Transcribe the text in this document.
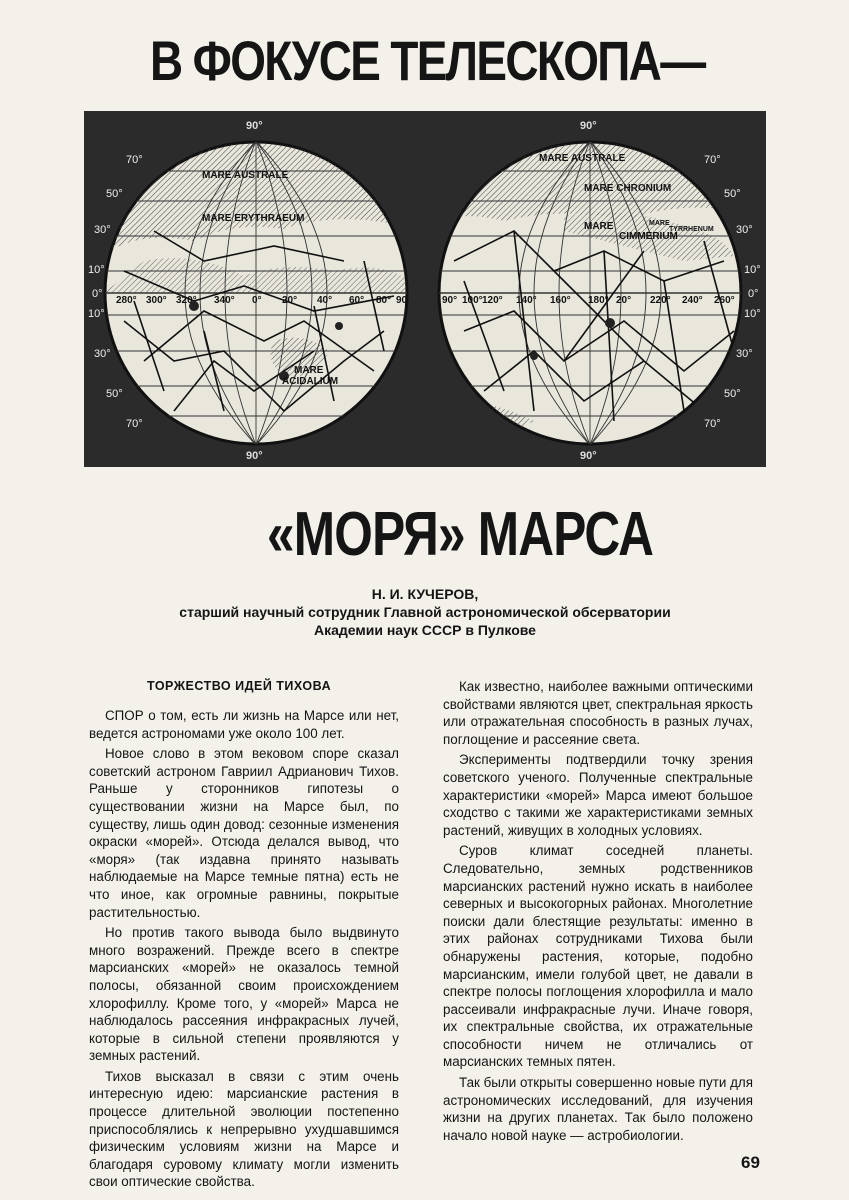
В ФОКУСЕ ТЕЛЕСКОПА—
90°
90°
70°
50°
30°
10°
0°
10°
30°
50°
70°
280° 300° 320° 340° 0° 20° 40° 60° 80° 90
MARE AUSTRALE
MARE ERYTHRAEUM
MARE
ACIDALIUM
90°
90°
70°
50°
30°
10°
0°
10°
30°
50°
70°
90° 100° 120° 140° 160° 180° 20° 220° 240° 260°
MARE AUSTRALE
MARE CHRONIUM
MARE
TYRRHENUM
MARE
CIMMERIUM
«МОРЯ» МАРСА
Н. И. КУЧЕРОВ,
старший научный сотрудник Главной астрономической обсерватории
Академии наук СССР в Пулкове
ТОРЖЕСТВО ИДЕЙ ТИХОВА

СПОР о том, есть ли жизнь на Марсе или нет, ведется астрономами уже около 100 лет.

Новое слово в этом вековом споре сказал советский астроном Гавриил Адрианович Тихов. Раньше у сторонников гипотезы о существовании жизни на Марсе был, по существу, лишь один довод: сезонные изменения окраски «морей». Отсюда делался вывод, что «моря» (так издавна принято называть наблюдаемые на Марсе темные пятна) есть не что иное, как огромные равнины, покрытые растительностью.

Но против такого вывода было выдвинуто много возражений. Прежде всего в спектре марсианских «морей» не оказалось темной полосы, обязанной своим происхождением хлорофиллу. Кроме того, у «морей» Марса не наблюдалось рассеяния инфракрасных лучей, которые в сильной степени проявляются у земных растений.

Тихов высказал в связи с этим очень интересную идею: марсианские растения в процессе длительной эволюции постепенно приспособлялись к непрерывно ухудшавшимся физическим условиям жизни на Марсе и благодаря суровому климату могли изменить свои оптические свойства.

Как известно, наиболее важными оптическими свойствами являются цвет, спектральная яркость или отражательная способность в разных лучах, поглощение и рассеяние света.

Эксперименты подтвердили точку зрения советского ученого. Полученные спектральные характеристики «морей» Марса имеют большое сходство с такими же характеристиками земных растений, живущих в холодных условиях.

Суров климат соседней планеты. Следовательно, земных родственников марсианских растений нужно искать в наиболее северных и высокогорных районах. Многолетние поиски дали блестящие результаты: именно в этих районах сотрудниками Тихова были обнаружены растения, которые, подобно марсианским, имели голубой цвет, не давали в спектре полосы поглощения хлорофилла и мало рассеивали инфракрасные лучи. Иначе говоря, их спектральные свойства, их отражательные способности ничем не отличались от марсианских темных пятен.

Так были открыты совершенно новые пути для астрономических исследований, для изучения жизни на других планетах. Так было положено начало новой науке — астробиологии.

69
